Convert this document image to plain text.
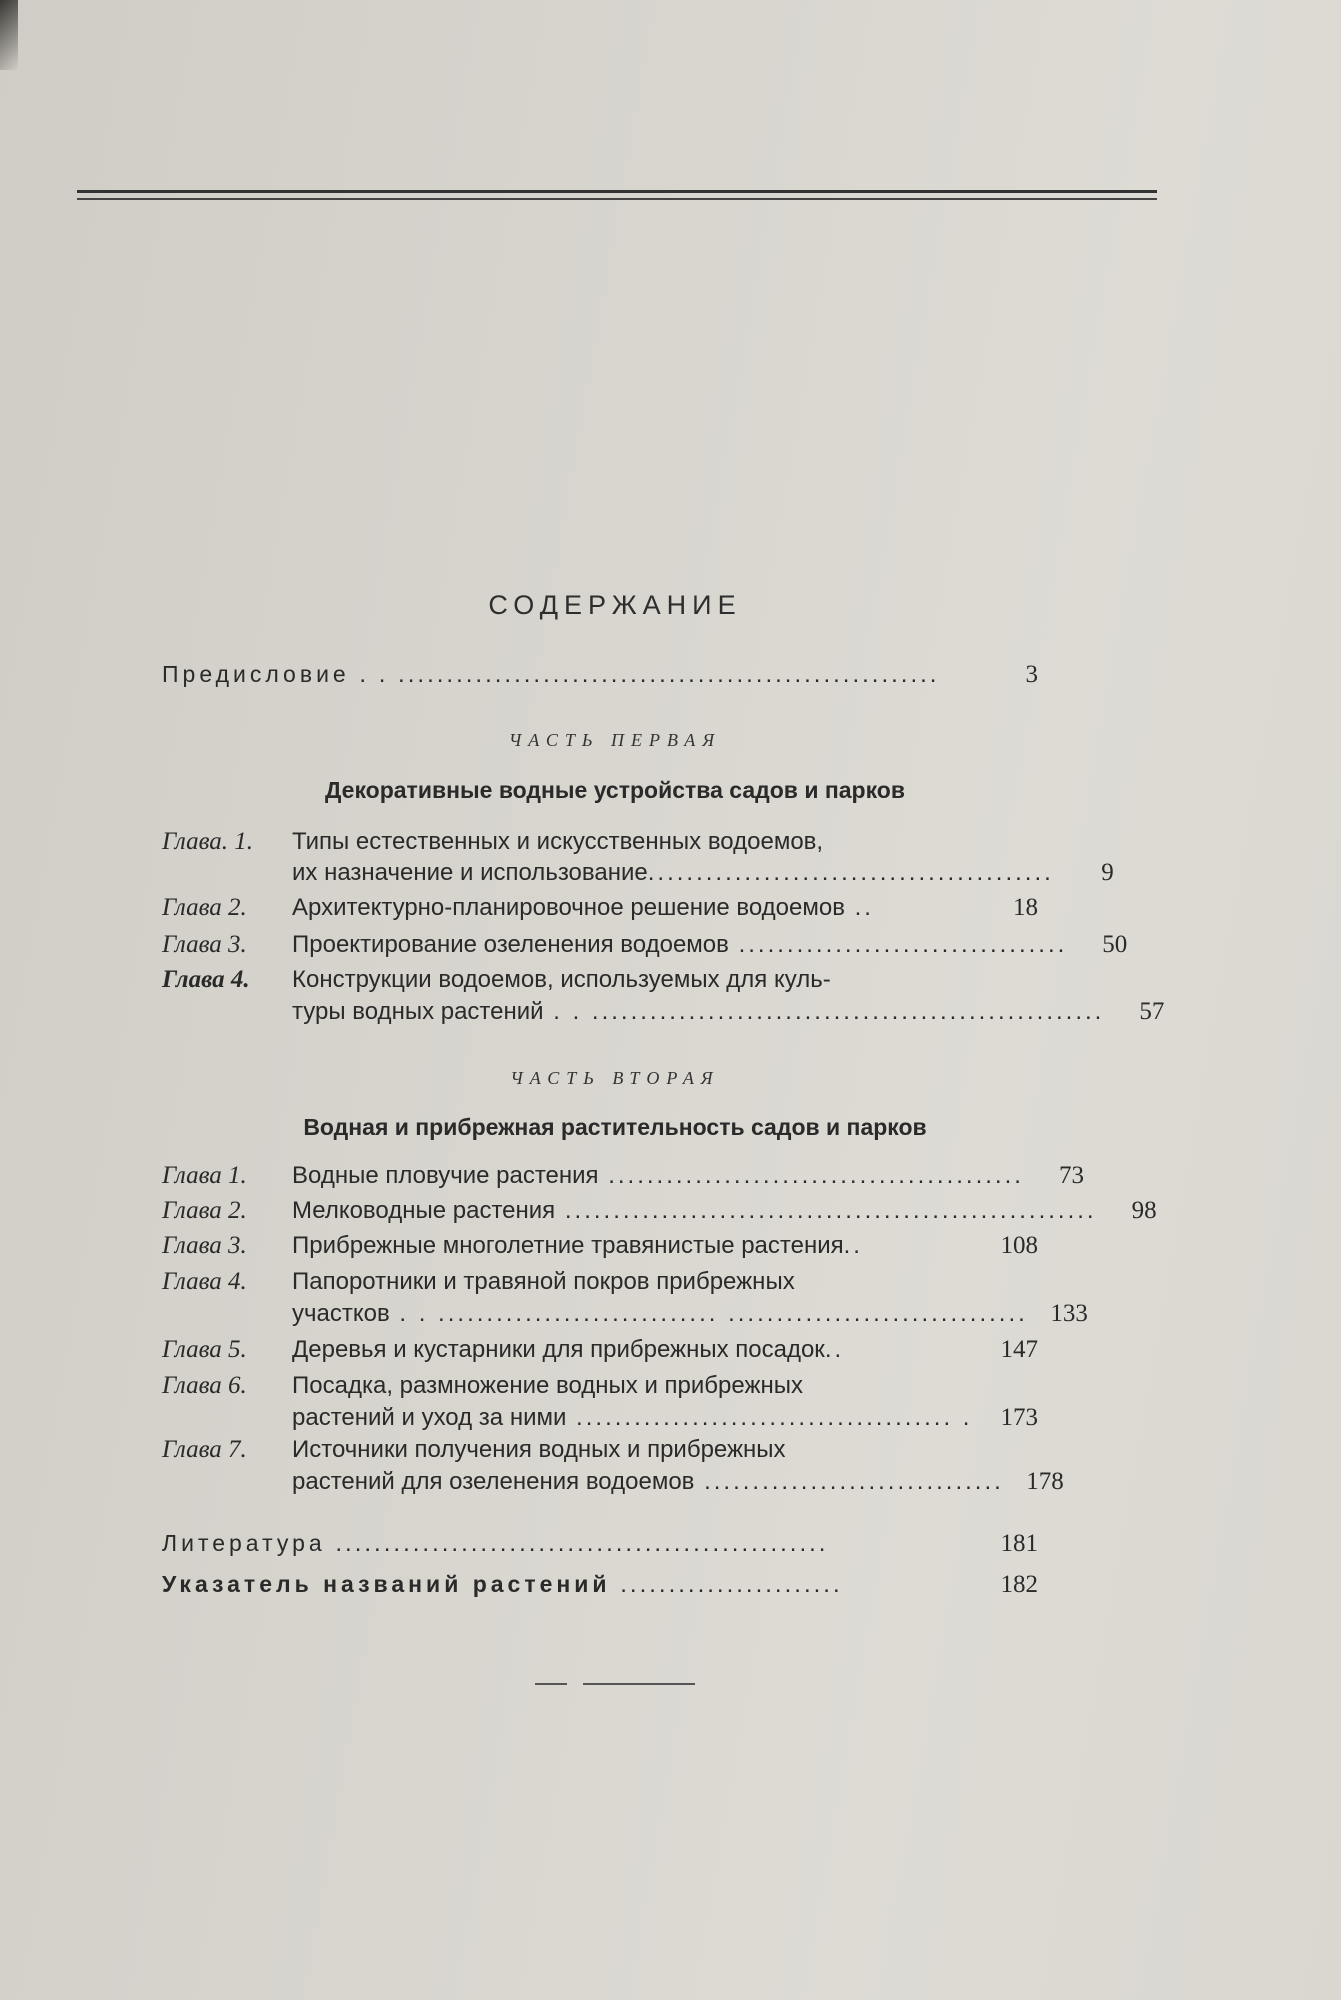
СОДЕРЖАНИЕ
Предисловие . . ........................................................	3
ЧАСТЬ ПЕРВАЯ
Декоративные водные устройства садов и парков
Глава. 1.	Типы естественных и искусственных водоемов,
их назначение и использование..........................................	9
Глава 2.	Архитектурно-планировочное решение водоемов ..	18
Глава 3.	Проектирование озеленения водоемов ..................................	50
Глава 4.	Конструкции водоемов, используемых для куль-
туры водных растений . . .....................................................	57
ЧАСТЬ ВТОРАЯ
Водная и прибрежная растительность садов и парков
Глава 1.	Водные пловучие растения ...........................................	73
Глава 2.	Мелководные растения .......................................................	98
Глава 3.	Прибрежные многолетние травянистые растения..	108
Глава 4.	Папоротники и травяной покров прибрежных
участков . . ............................. ............................... 133
Глава 5.	Деревья и кустарники для прибрежных посадок..	147
Глава 6.	Посадка, размножение водных и прибрежных
растений и уход за ними ....................................... .	173
Глава 7.	Источники получения водных и прибрежных
растений для озеленения водоемов ............................... 178
Литература ...................................................	181
Указатель названий растений .......................	182
